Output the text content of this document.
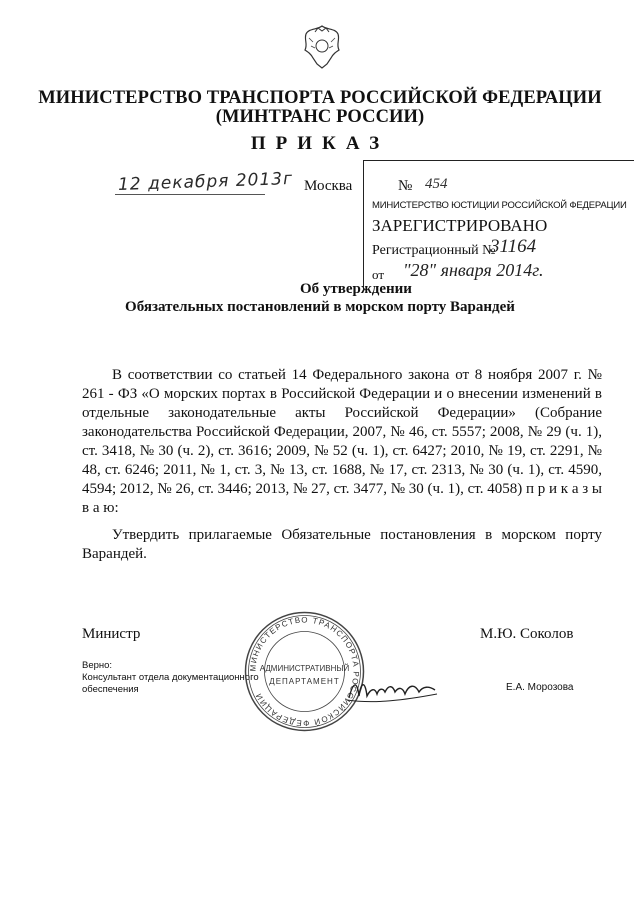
МИНИСТЕРСТВО ТРАНСПОРТА РОССИЙСКОЙ ФЕДЕРАЦИИ
(МИНТРАНС РОССИИ)
ПРИКАЗ
12 декабря 2013г Москва	№ 454
МИНИСТЕРСТВО ЮСТИЦИИ РОССИЙСКОЙ ФЕДЕРАЦИИ
ЗАРЕГИСТРИРОВАНО
Регистрационный №
31164
от "28" января 2014г.
Об утверждении
Обязательных постановлений в морском порту Варандей
В соответствии со статьей 14 Федерального закона от 8 ноября 2007 г. № 261 - ФЗ «О морских портах в Российской Федерации и о внесении изменений в отдельные законодательные акты Российской Федерации» (Собрание законодательства Российской Федерации, 2007, № 46, ст. 5557; 2008, № 29 (ч. 1), ст. 3418, № 30 (ч. 2), ст. 3616; 2009, № 52 (ч. 1), ст. 6427; 2010, № 19, ст. 2291, № 48, ст. 6246; 2011, № 1, ст. 3, № 13, ст. 1688, № 17, ст. 2313, № 30 (ч. 1), ст. 4590, 4594; 2012, № 26, ст. 3446; 2013, № 27, ст. 3477, № 30 (ч. 1), ст. 4058) п р и к а з ы в а ю:
Утвердить прилагаемые Обязательные постановления в морском порту Варандей.
Министр	М.Ю. Соколов
Верно:
Консультант отдела документационного
обеспечения	Е.А. Морозова
МИНИСТЕРСТВО ТРАНСПОРТА РОССИЙСКОЙ ФЕДЕРАЦИИ
АДМИНИСТРАТИВНЫЙ
ДЕПАРТАМЕНТ
